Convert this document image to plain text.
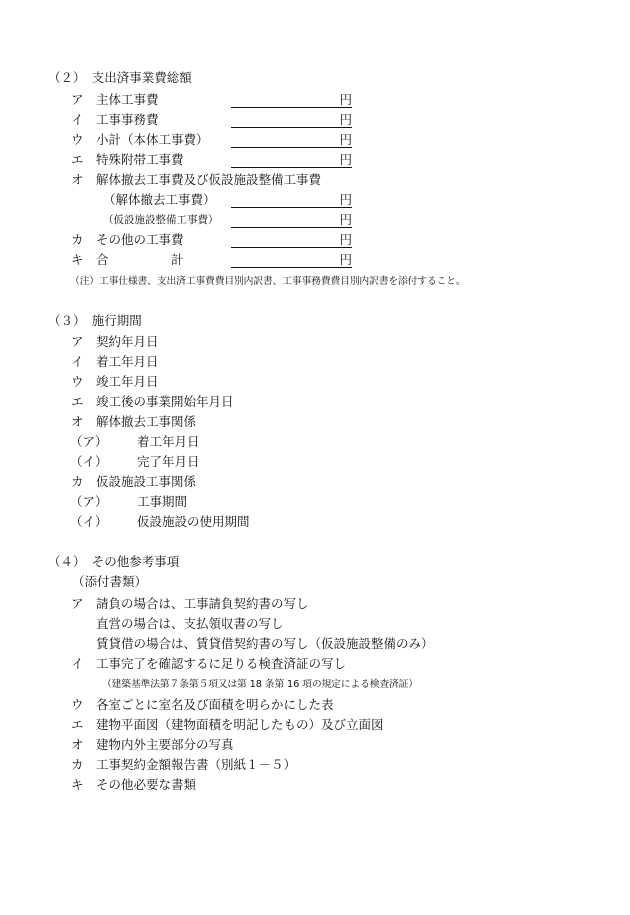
（２）　支出済事業費総額
ア 主体工事費	円
イ 工事事務費	円
ウ 小計（本体工事費）	円
エ 特殊附帯工事費	円
オ 解体撤去工事費及び仮設施設整備工事費
（解体撤去工事費）	円
（仮設施設整備工事費）	円
カ その他の工事費	円
キ 合　　　　　計	円
（注）工事仕様書、支出済工事費費目別内訳書、工事事務費費目別内訳書を添付すること。
（３）　施行期間
ア 契約年月日
イ 着工年月日
ウ 竣工年月日
エ 竣工後の事業開始年月日
オ 解体撤去工事関係
（ア） 着工年月日
（イ） 完了年月日
カ 仮設施設工事関係
（ア） 工事期間
（イ） 仮設施設の使用期間
（４）　その他参考事項
（添付書類）
ア 請負の場合は、工事請負契約書の写し
直営の場合は、支払領収書の写し
賃貸借の場合は、賃貸借契約書の写し（仮設施設整備のみ）
イ 工事完了を確認するに足りる検査済証の写し
（建築基準法第７条第５項又は第 18 条第 16 項の規定による検査済証）
ウ 各室ごとに室名及び面積を明らかにした表
エ 建物平面図（建物面積を明記したもの）及び立面図
オ 建物内外主要部分の写真
カ 工事契約金額報告書（別紙１－５）
キ その他必要な書類
